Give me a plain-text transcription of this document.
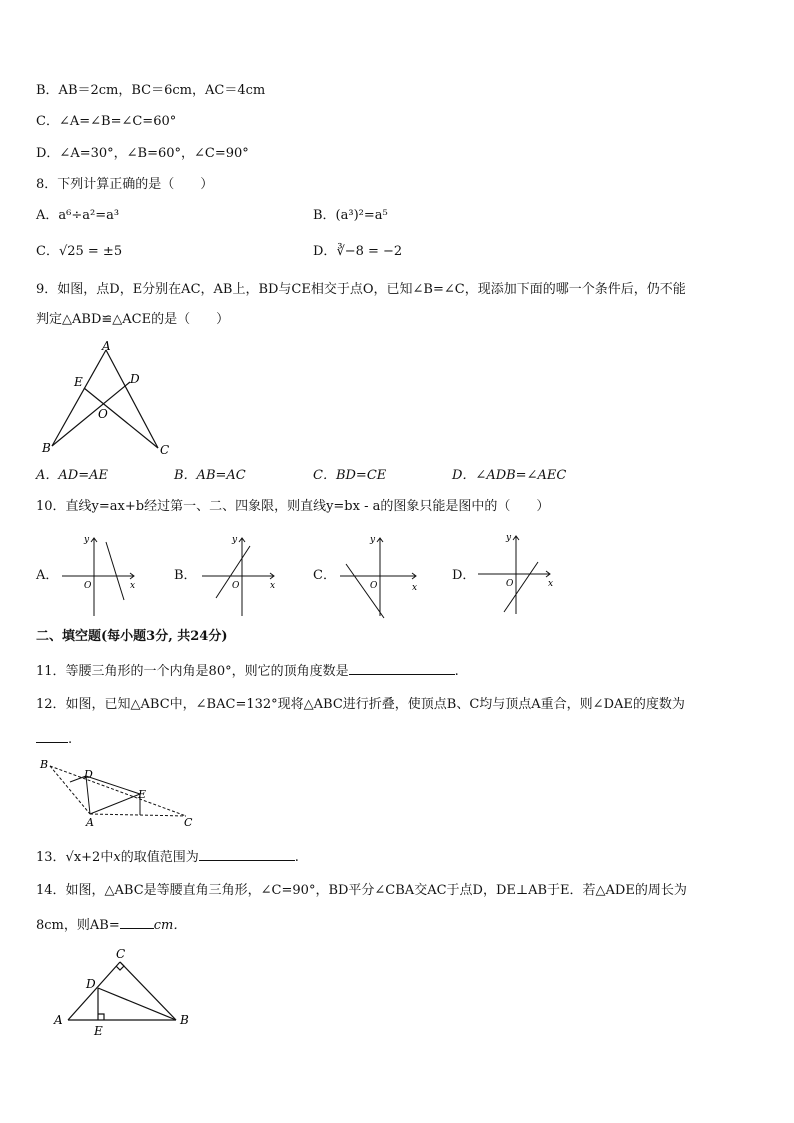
B．AB＝2cm，BC＝6cm，AC＝4cm
C．∠A=∠B=∠C=60°
D．∠A=30°，∠B=60°，∠C=90°
8．下列计算正确的是（　　）
A．a⁶÷a²=a³	B．(a³)²=a⁵
C．√25 = ±5	D．∛−8 = −2
9．如图，点D，E分别在AC，AB上，BD与CE相交于点O，已知∠B=∠C，现添加下面的哪一个条件后，仍不能
判定△ABD≌△ACE的是（　　）
A
E	D
O
B	C
A．AD=AE	B．AB=AC	C．BD=CE	D．∠ADB=∠AEC
10．直线y=ax+b经过第一、二、四象限，则直线y=bx - a的图象只能是图中的（　　）
A．
y
x
O
B．
y
x
O
C．
y
x
O
D．
y
x
O
二、填空题(每小题3分, 共24分)
11．等腰三角形的一个内角是80°，则它的顶角度数是	.
12．如图，已知△ABC中，∠BAC=132°现将△ABC进行折叠，使顶点B、C均与顶点A重合，则∠DAE的度数为
.
B
D
E
A	C
13．√x+2中x的取值范围为	.
14．如图，△ABC是等腰直角三角形，∠C=90°，BD平分∠CBA交AC于点D，DE⊥AB于E．若△ADE的周长为
8cm，则AB=	cm．
C
D
A
E
B
